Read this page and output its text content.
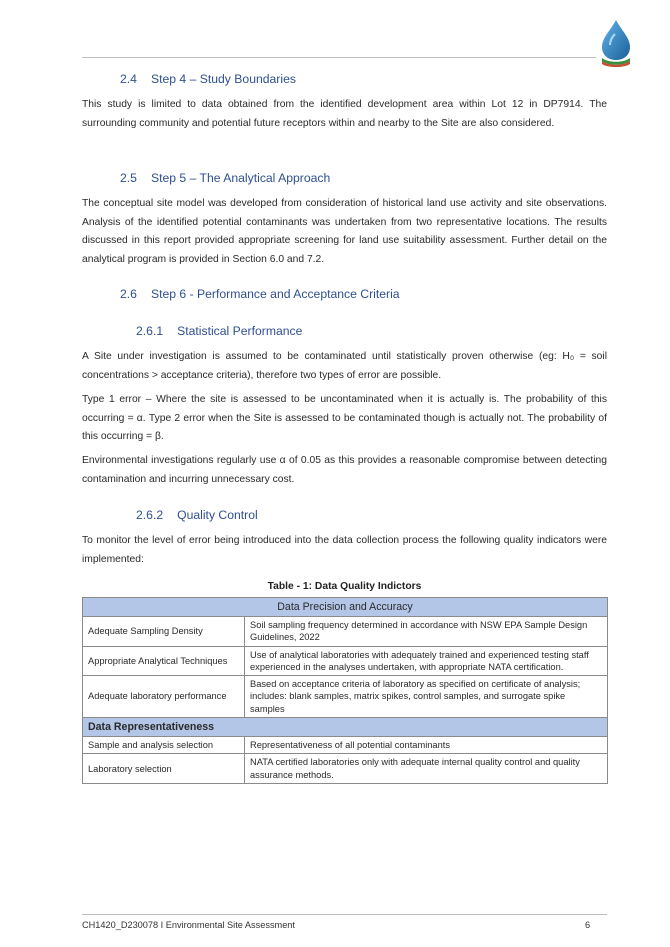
2.4 Step 4 – Study Boundaries

This study is limited to data obtained from the identified development area within Lot 12 in DP7914. The surrounding community and potential future receptors within and nearby to the Site are also considered.

2.5 Step 5 – The Analytical Approach

The conceptual site model was developed from consideration of historical land use activity and site observations. Analysis of the identified potential contaminants was undertaken from two representative locations. The results discussed in this report provided appropriate screening for land use suitability assessment. Further detail on the analytical program is provided in Section 6.0 and 7.2.

2.6 Step 6 - Performance and Acceptance Criteria
2.6.1 Statistical Performance

A Site under investigation is assumed to be contaminated until statistically proven otherwise (eg: H₀ = soil concentrations > acceptance criteria), therefore two types of error are possible.

Type 1 error – Where the site is assessed to be uncontaminated when it is actually is. The probability of this occurring = α. Type 2 error when the Site is assessed to be contaminated though is actually not. The probability of this occurring = β.

Environmental investigations regularly use α of 0.05 as this provides a reasonable compromise between detecting contamination and incurring unnecessary cost.

2.6.2 Quality Control

To monitor the level of error being introduced into the data collection process the following quality indicators were implemented:

Table - 1: Data Quality Indictors
Data Precision and Accuracy	
Adequate Sampling Density	Soil sampling frequency determined in accordance with NSW EPA Sample Design Guidelines, 2022
Appropriate Analytical Techniques	Use of analytical laboratories with adequately trained and experienced testing staff experienced in the analyses undertaken, with appropriate NATA certification.
Adequate laboratory performance	Based on acceptance criteria of laboratory as specified on certificate of analysis; includes: blank samples, matrix spikes, control samples, and surrogate spike samples
Data Representativeness	
Sample and analysis selection	Representativeness of all potential contaminants
Laboratory selection	NATA certified laboratories only with adequate internal quality control and quality assurance methods.
CH1420_D230078 I Environmental Site Assessment	6
